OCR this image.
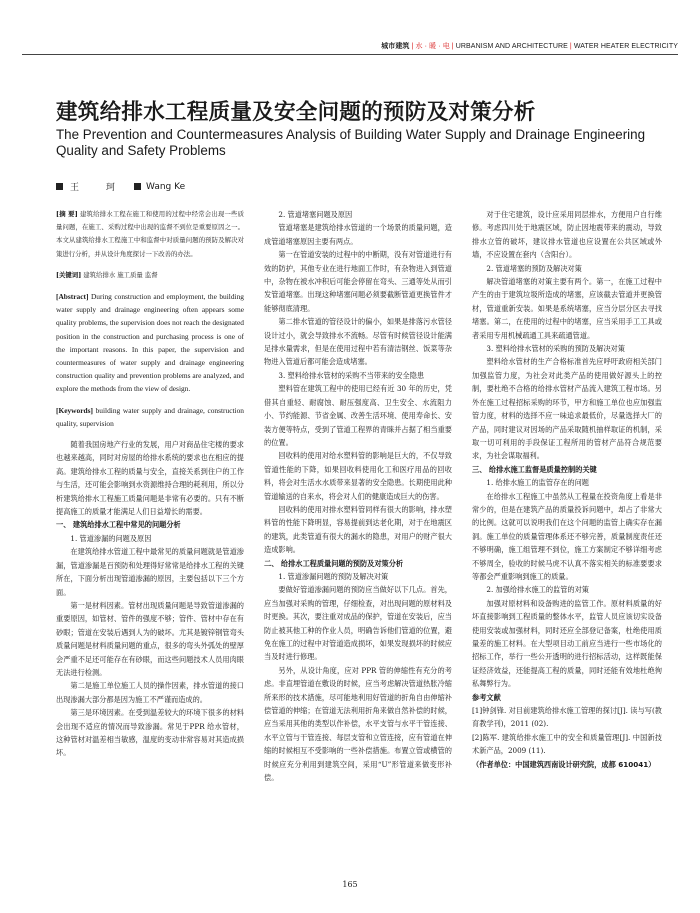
城市建筑 | 水 · 暖 · 电 | URBANISM AND ARCHITECTURE | WATER HEATER ELECTRICITY
建筑给排水工程质量及安全问题的预防及对策分析
The Prevention and Countermeasures Analysis of Building Water Supply and Drainage Engineering Quality and Safety Problems
王　珂 Wang Ke

[摘 要] 建筑给排水工程在施工和使用的过程中经常会出现一些质量问题，在施工、采购过程中出现的监督不到位是重要原因之一。本文从建筑给排水工程施工中和监督中对质量问题的预防及解决对策进行分析，并从设计角度探讨一下改善的办法。

[关键词] 建筑给排水 施工质量 监督

[Abstract] During construction and employment, the building water supply and drainage engineering often appears some quality problems, the supervision does not reach the designated position in the construction and purchasing process is one of the important reasons. In this paper, the supervision and countermeasures of water supply and drainage engineering construction quality and prevention problems are analyzed, and explore the methods from the view of design.

[Keywords] building water supply and drainage, construction quality, supervision

随着我国房地产行业的发展，用户对商品住宅楼的要求也越来越高，同时对房屋的给排水系统的要求也在相应的提高。建筑给排水工程的质量与安全，直接关系到住户的工作与生活，还可能会影响到水资源维持合理的耗利用，所以分析建筑给排水工程施工质量问题是非常有必要的。只有不断提高施工的质量才能满足人们日益增长的需要。

一、 建筑给排水工程中常见的问题分析

1. 管道渗漏的问题及原因

在建筑给排水管道工程中最常见的质量问题就是管道渗漏，管道渗漏是百预防和处理得好常常是给排水工程的关键所在，下面分析出现管道渗漏的原因，主要包括以下三个方面。

第一是材料因素。管材出现质量问题是导致管道渗漏的重要原因，如管材、管件的强度不够；管件、管材中存在有砂眼；管道在安装后遇到人为的破坏。尤其是镀锌钢管弯头质量问题是材料质量问题的重点，很多的弯头外弧处的壁厚会严重不足还可能存在有砂眼，而这些问题技术人员用肉眼无法进行检测。

第二是施工单位施工人员的操作因素，排水管道的接口出现渗漏大部分都是因为施工不严谨而造成的。

第三是环境因素。在受到温差较大的环境下很多的材料会出现不适应的情况而导致渗漏。常见于PPR 给水管材，这种管材对温差相当敏感，温度的变动非常容易对其造成损坏。

2. 管道堵塞问题及原因

管道堵塞是建筑给排水管道的一个场景的质量问题，造成管道堵塞原因主要有两点。

第一在管道安装的过程中的中断期，没有对管道进行有效的防护，其他专业在进行地面工作时，有杂物进入到管道中，杂物在被水冲积后可能会停留在弯头、三通等处从而引发管道堵塞。出现这种堵塞问题必须要截断管道更换管件才能够彻底清理。

第二排水管道的管径设计的偏小，如果是排落污水管径设计过小，就会导致排水不流畅。尽管有时候管径设计能满足排水量需求，但是在使用过程中若有清洁钢丝、饭菜等杂物进入管道后都可能会造成堵塞。

3. 塑料给排水管材的采购不当带来的安全隐患

塑料管在建筑工程中的使用已经有近 30 年的历史，凭借其自重轻、耐腐蚀、耐压强度高、卫生安全、水流阻力小、节约能源、节省金属、改善生活环境、使用寿命长、安装方便等特点，受到了管道工程界的青睐并占据了相当重要的位置。

回收料的使用对给水塑料管的影响是巨大的，不仅导致管道性能的下降，如果回收料使用化工和医疗用品的回收料，将会对生活水水质带来显著的安全隐患。长期使用此种管道输送的自来水，将会对人们的健康造成巨大的伤害。

回收料的使用对排水塑料管同样有很大的影响，排水塑料管的性能下降明显，容易提前到达老化期，对于在地震区的建筑，此类管道有很大的漏水的隐患，对用户的财产很大造成影响。

二、 给排水工程质量问题的预防及对策分析

1. 管道渗漏问题的预防及解决对策

要做好管道渗漏问题的预防应当做好以下几点。首先，应当加强对采购的管理，仔细检查，对出现问题的原材料及时更换。其次，要注重对成品的保护，管道在安装后，应当防止被其他工种的作业人员，明确告诉他们管道的位置，避免在施工的过程中对管道造成损坏，如果发现损坏的时候应当及时进行修理。

另外，从设计角度，应对 PPR 管的伸缩性有充分的考虑。非直埋管道在敷设的时候，应当考虑解决管道热胀冷缩所来形的技术措施，尽可能地利用好管道的折角自由伸缩补偿管道的伸缩；在管道无法利用折角来做自然补偿的时候，应当采用其他的类型以作补偿，水平支管与水平干管连接、水平立管与干管连接、每层支管和立管连接，应有管道在伸缩的时候相互不受影响的一些补偿措施。布置立管或横管的时候应充分利用到建筑空间，采用“U”形管道来做变形补偿。

对于住宅建筑，设计应采用同层排水，方便用户自行维修。考虑四川处于地震区域，防止因地震带来的震动，导致排水立管的破坏，建议排水管道也应设置在公共区域或外墙，不应设置在套内（含阳台）。

2. 管道堵塞的预防及解决对策

解决管道堵塞的对策主要有两个。第一，在施工过程中产生的由于建筑垃圾所造成的堵塞，应该截去管道并更换管材，管道重新安装。如果是系统堵塞，应当分层分区去寻找堵塞。第二，在使用的过程中的堵塞，应当采用手工工具或者采用专用机械疏通工具来疏通管道。

3. 塑料给排水管材的采购的预防及解决对策

塑料给水管材的生产合格标准首先应呼吁政府相关部门加强监管力度，为社会对此类产品的使用做好源头上的控制，要杜绝不合格的给排水管材产品流入建筑工程市场。另外在施工过程招标采购的环节，甲方和施工单位也应加强监管力度，材料的选择不应一味追求最低价，尽量选择大厂的产品，同时建议对因场的产品采取随机抽样取证的机制，采取一切可利用的手段保证工程所用的管材产品符合规范要求，为社会谋取福利。

三、 给排水施工监督是质量控制的关键

1. 给排水施工的监管存在的问题

在给排水工程施工中虽然从工程量在投资角度上看是非常少的，但是在建筑产品的质量投诉问题中，却占了非常大的比例。这就可以说明我们在这个问题的监管上确实存在漏洞。施工单位的质量管理体系还不够完善，质量制度责任还不够明确，施工组管理不到位，施工方案制定不够详细考虑不够周全，验收的时候马虎不认真不落实相关的标准要要求等都会严重影响到施工的质量。

2. 加强给排水施工的监管的对策

加强对原材料和设备购进的监管工作。原材料质量的好坏直接影响到工程质量的整体水平，监管人员应该切实设备使用安装或加强材料，同时还应全部登记备案，杜绝使用质量差的施工材料。在大型项目动工前应当进行一些市场化的招标工作，举行一些公开透明的进行招标活动，这样既能保证经济效益，还能提高工程的质量，同时还能有效地杜绝徇私舞弊行为。

参考文献

[1]钟剑锋. 对目前建筑给排水施工管理的探讨[J]. 读与写(教育教学刊)，2011 (02).

[2]陈军. 建筑给排水施工中的安全和质量管理[J]. 中国新技术新产品，2009 (11).

（作者单位：中国建筑西南设计研究院，成都 610041）

165
